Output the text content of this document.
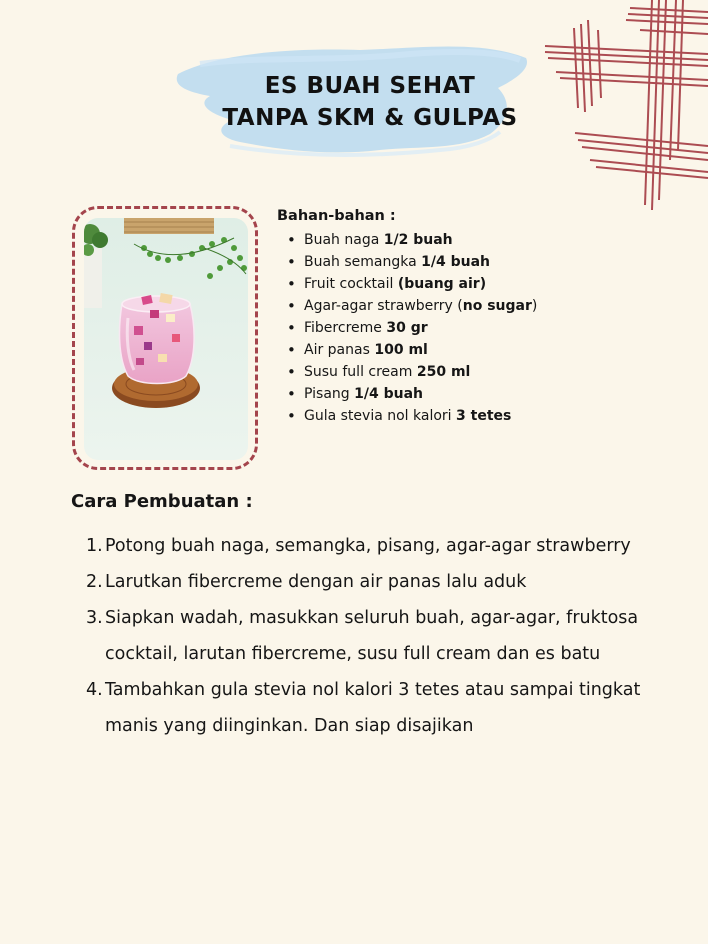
ES BUAH SEHAT
TANPA SKM & GULPAS

Bahan-bahan :

• Buah naga 1/2 buah
• Buah semangka 1/4 buah
• Fruit cocktail (buang air)
• Agar-agar strawberry (no sugar)
• Fibercreme 30 gr
• Air panas 100 ml
• Susu full cream 250 ml
• Pisang 1/4 buah
• Gula stevia nol kalori 3 tetes
Cara Pembuatan :
1. Potong buah naga, semangka, pisang, agar-agar strawberry
2. Larutkan fibercreme dengan air panas lalu aduk
3. Siapkan wadah, masukkan seluruh buah, agar-agar, fruktosa
cocktail, larutan fibercreme, susu full cream dan es batu
4. Tambahkan gula stevia nol kalori 3 tetes atau sampai tingkat
manis yang diinginkan. Dan siap disajikan
